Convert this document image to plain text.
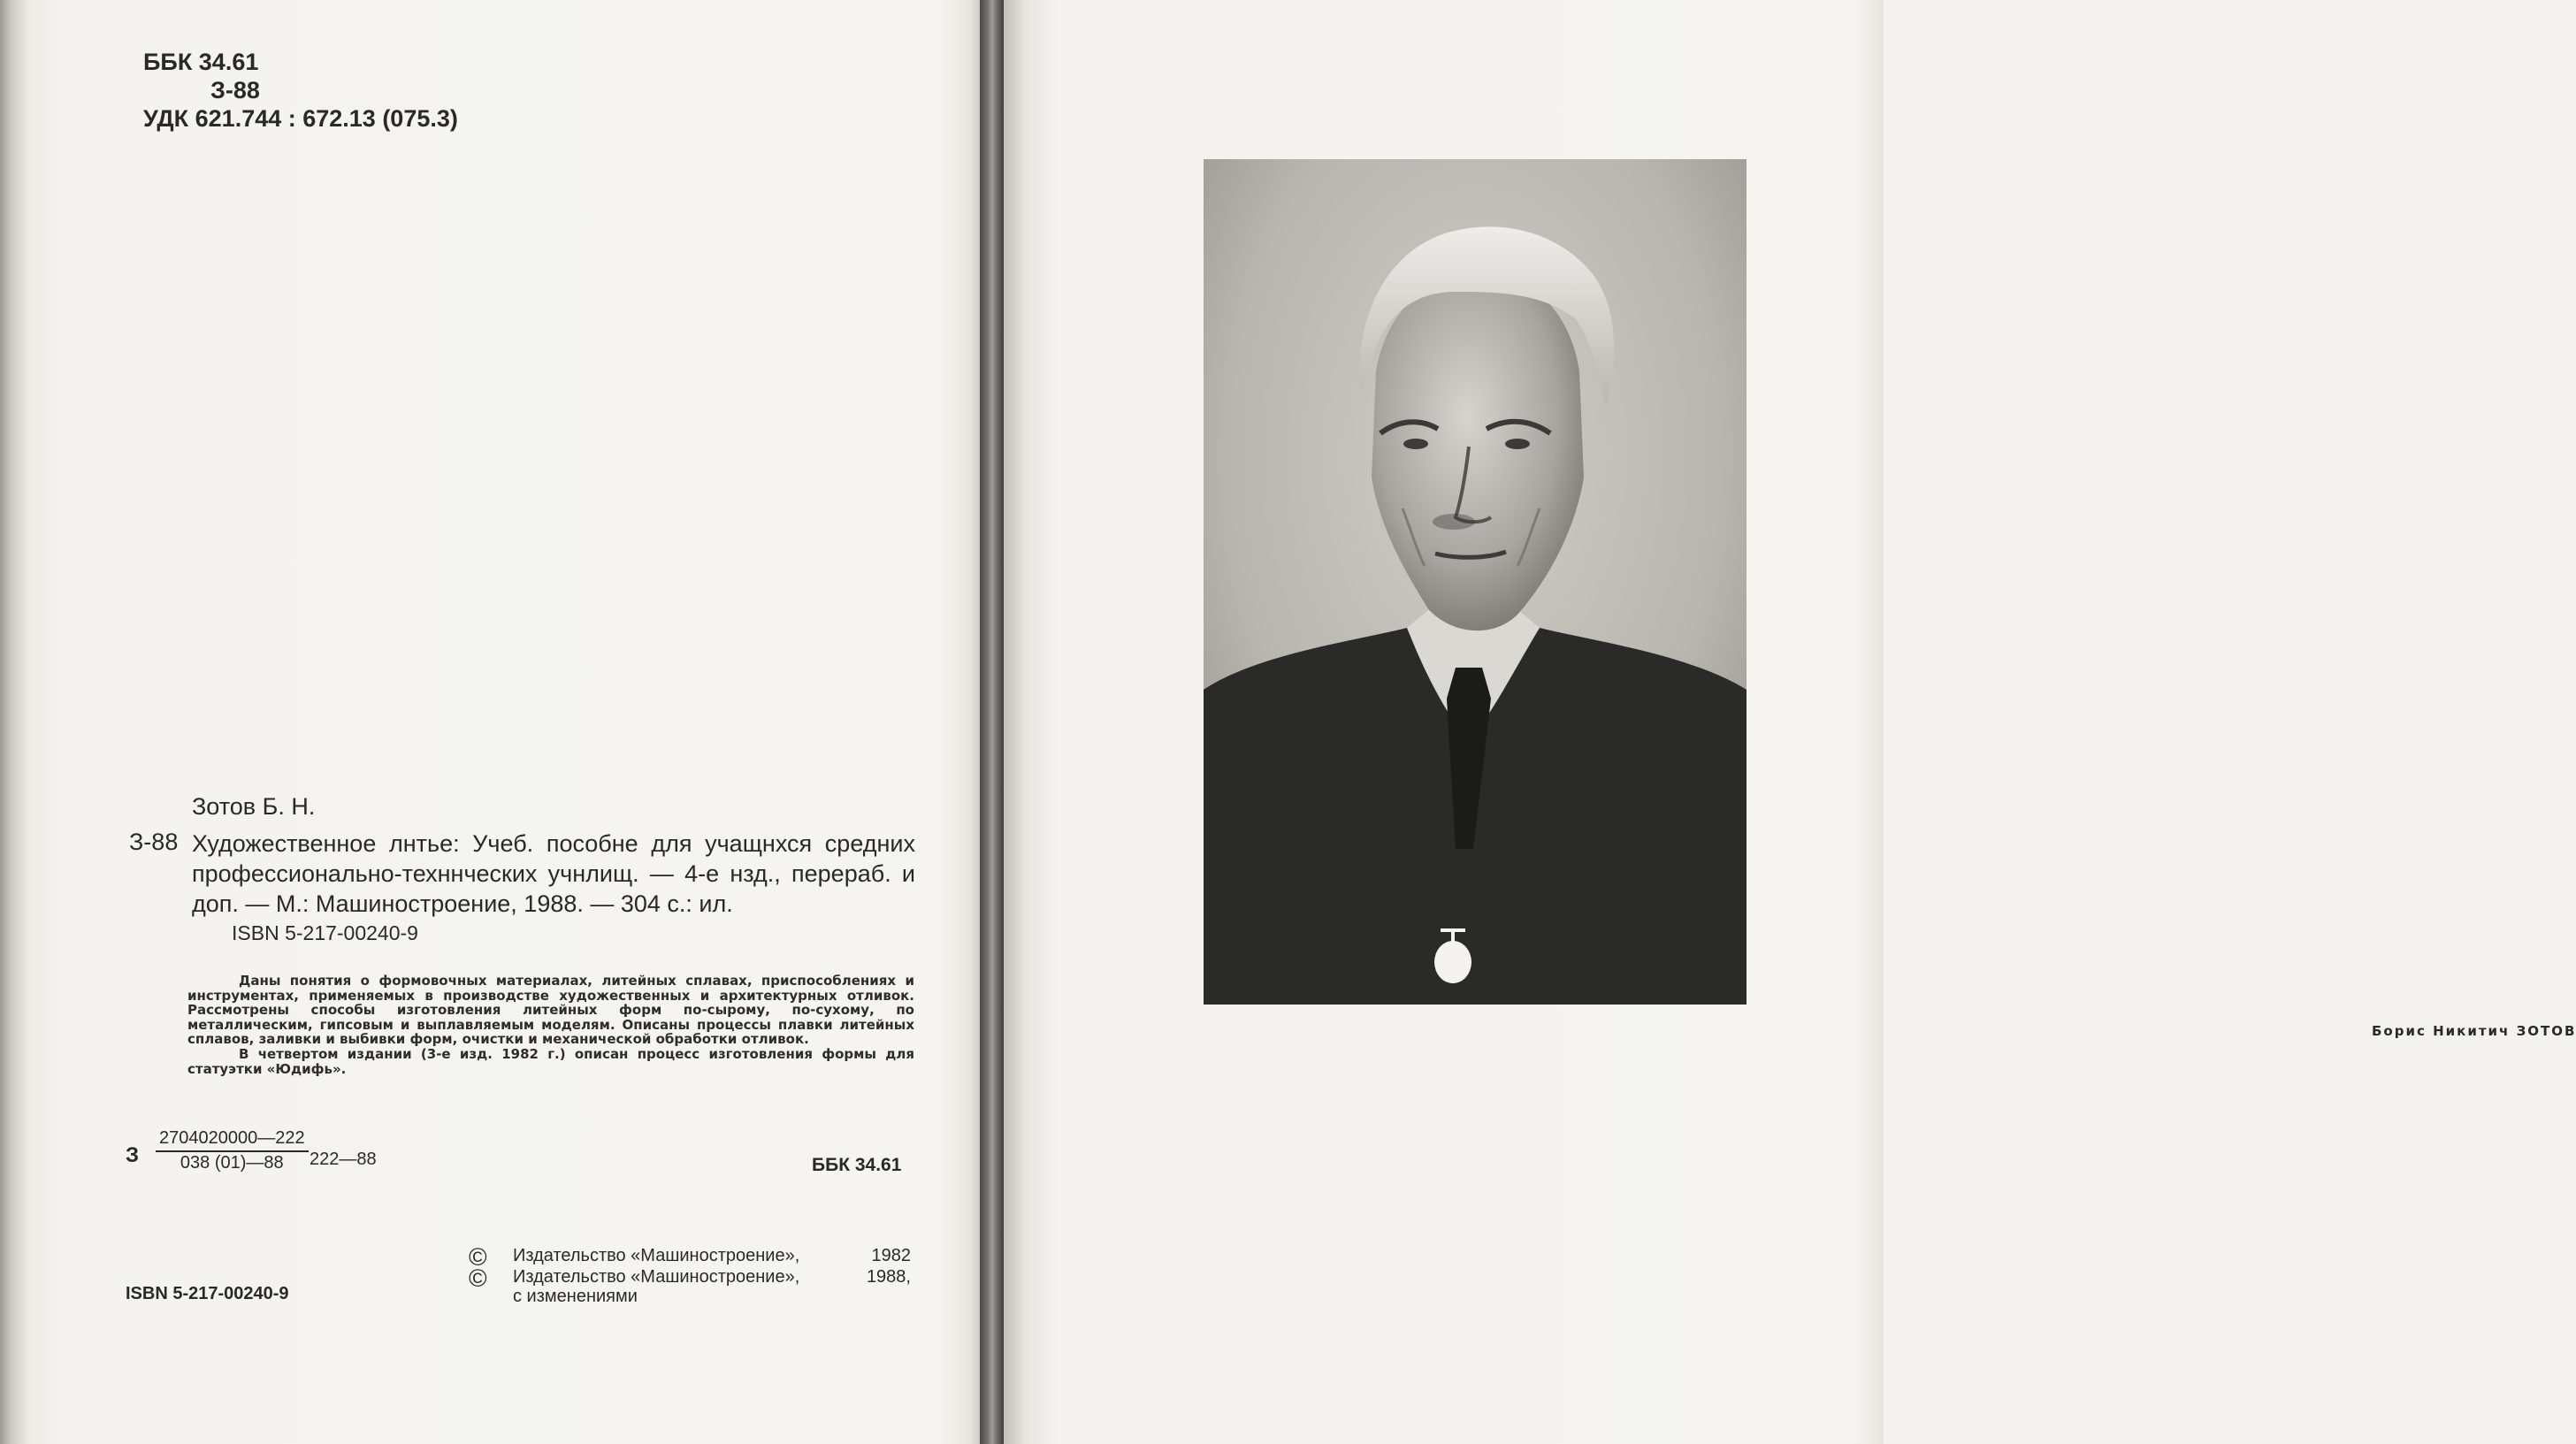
ББК 34.61
З-88
УДК 621.744 : 672.13 (075.3)
Зотов Б. Н.
З-88 Художественное лнтье: Учеб. пособне для учащнхся средних профессионально-техннческих учнлищ. — 4-е нзд., перераб. и доп. — М.: Машиностроение, 1988. — 304 с.: ил.
ISBN 5-217-00240-9

Даны понятия о формовочных материалах, литейных сплавах, приспособлениях и инструментах, применяемых в производстве художественных и архитектурных отливок. Рассмотрены способы изготовления литейных форм по-сырому, по-сухому, по металлическим, гипсовым и выплавляемым моделям. Описаны процессы плавки литейных сплавов, заливки и выбивки форм, очистки и механической обработки отливок.

В четвертом издании (3-е изд. 1982 г.) описан процесс изготовления формы для статуэтки «Юдифь».

З $\frac{2704020000—222}{038 (01)—88}$ 222—88	ББК 34.61
©	Издательство «Машиностроение»,	1982
©	Издательство «Машиностроение»,	1988,
с изменениями
ISBN 5-217-00240-9
Борис Никитич ЗОТОВ
